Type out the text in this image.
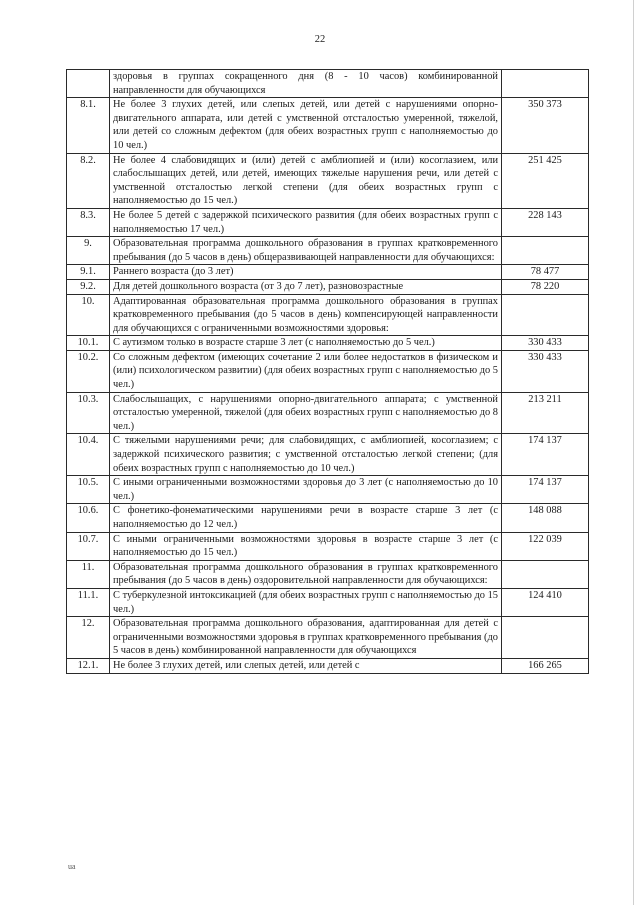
22
	здоровья в группах сокращенного дня (8 - 10 часов) комбинированной направленности для обучающихся	
8.1.	Не более 3 глухих детей, или слепых детей, или детей с нарушениями опорно-двигательного аппарата, или детей с умственной отсталостью умеренной, тяжелой, или детей со сложным дефектом (для обеих возрастных групп с наполняемостью до 10 чел.)	350 373
8.2.	Не более 4 слабовидящих и (или) детей с амблиопией и (или) косоглазием, или слабослышащих детей, или детей, имеющих тяжелые нарушения речи, или детей с умственной отсталостью легкой степени (для обеих возрастных групп с наполняемостью до 15 чел.)	251 425
8.3.	Не более 5 детей с задержкой психического развития (для обеих возрастных групп с наполняемостью 17 чел.)	228 143
9.	Образовательная программа дошкольного образования в группах кратковременного пребывания (до 5 часов в день) общеразвивающей направленности для обучающихся:	
9.1.	Раннего возраста (до 3 лет)	78 477
9.2.	Для детей дошкольного возраста (от 3 до 7 лет), разновозрастные	78 220
10.	Адаптированная образовательная программа дошкольного образования в группах кратковременного пребывания (до 5 часов в день) компенсирующей направленности для обучающихся с ограниченными возможностями здоровья:	
10.1.	С аутизмом только в возрасте старше 3 лет (с наполняемостью до 5 чел.)	330 433
10.2.	Со сложным дефектом (имеющих сочетание 2 или более недостатков в физическом и (или) психологическом развитии) (для обеих возрастных групп с наполняемостью до 5 чел.)	330 433
10.3.	Слабослышащих, с нарушениями опорно-двигательного аппарата; с умственной отсталостью умеренной, тяжелой (для обеих возрастных групп с наполняемостью до 8 чел.)	213 211
10.4.	С тяжелыми нарушениями речи; для слабовидящих, с амблиопией, косоглазием; с задержкой психического развития; с умственной отсталостью легкой степени; (для обеих возрастных групп с наполняемостью до 10 чел.)	174 137
10.5.	С иными ограниченными возможностями здоровья до 3 лет (с наполняемостью до 10 чел.)	174 137
10.6.	С фонетико-фонематическими нарушениями речи в возрасте старше 3 лет (с наполняемостью до 12 чел.)	148 088
10.7.	С иными ограниченными возможностями здоровья в возрасте старше 3 лет (с наполняемостью до 15 чел.)	122 039
11.	Образовательная программа дошкольного образования в группах кратковременного пребывания (до 5 часов в день) оздоровительной направленности для обучающихся:	
11.1.	С туберкулезной интоксикацией (для обеих возрастных групп с наполняемостью до 15 чел.)	124 410
12.	Образовательная программа дошкольного образования, адаптированная для детей с ограниченными возможностями здоровья в группах кратковременного пребывания (до 5 часов в день) комбинированной направленности для обучающихся	
12.1.	Не более 3 глухих детей, или слепых детей, или детей с	166 265
ua
